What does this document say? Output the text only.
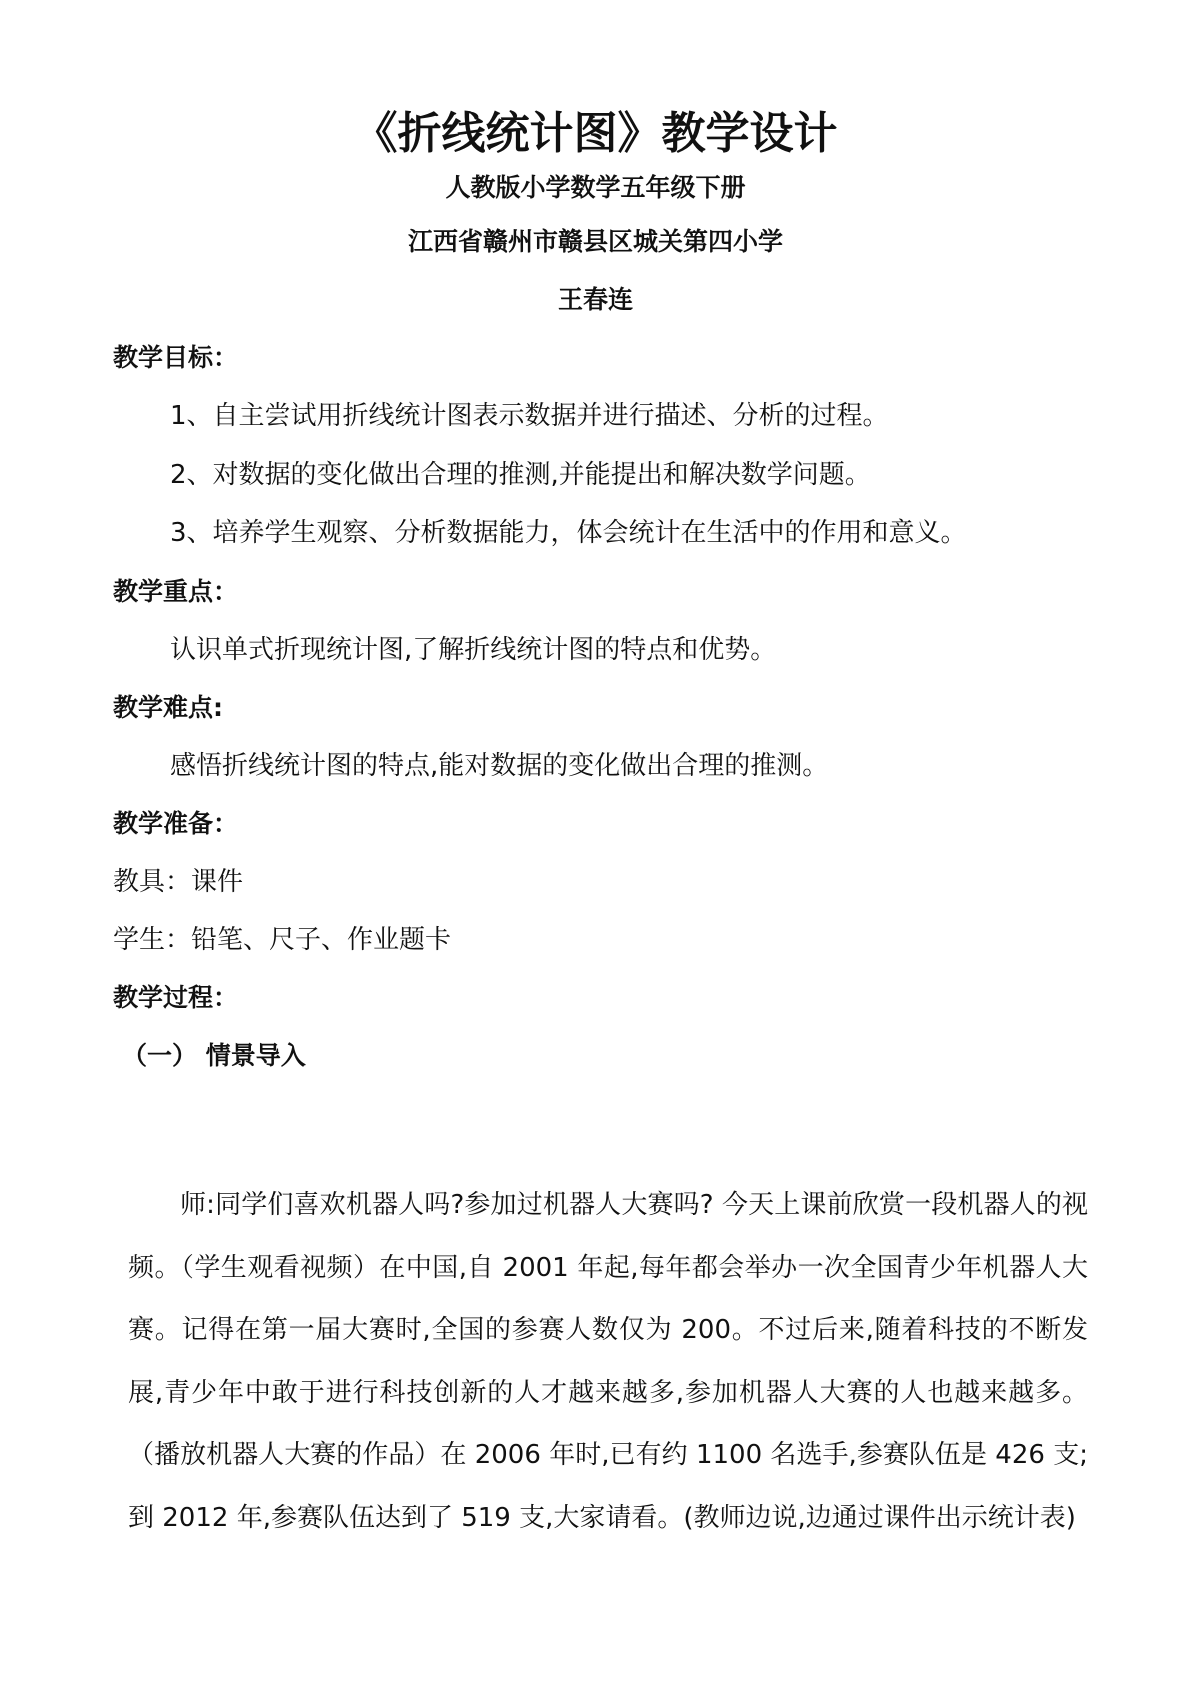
《折线统计图》教学设计
人教版小学数学五年级下册
江西省赣州市赣县区城关第四小学
王春连
教学目标：
1、自主尝试用折线统计图表示数据并进行描述、分析的过程。
2、对数据的变化做出合理的推测,并能提出和解决数学问题。
3、培养学生观察、分析数据能力，体会统计在生活中的作用和意义。
教学重点：
认识单式折现统计图,了解折线统计图的特点和优势。
教学难点:
感悟折线统计图的特点,能对数据的变化做出合理的推测。
教学准备：
教具：课件
学生：铅笔、尺子、作业题卡
教学过程：
（一） 情景导入
师:同学们喜欢机器人吗?参加过机器人大赛吗? 今天上课前欣赏一段机器人的视频。（学生观看视频）在中国,自 2001 年起,每年都会举办一次全国青少年机器人大赛。记得在第一届大赛时,全国的参赛人数仅为 200。不过后来,随着科技的不断发展,青少年中敢于进行科技创新的人才越来越多,参加机器人大赛的人也越来越多。（播放机器人大赛的作品）在 2006 年时,已有约 1100 名选手,参赛队伍是 426 支;到 2012 年,参赛队伍达到了 519 支,大家请看。(教师边说,边通过课件出示统计表)
